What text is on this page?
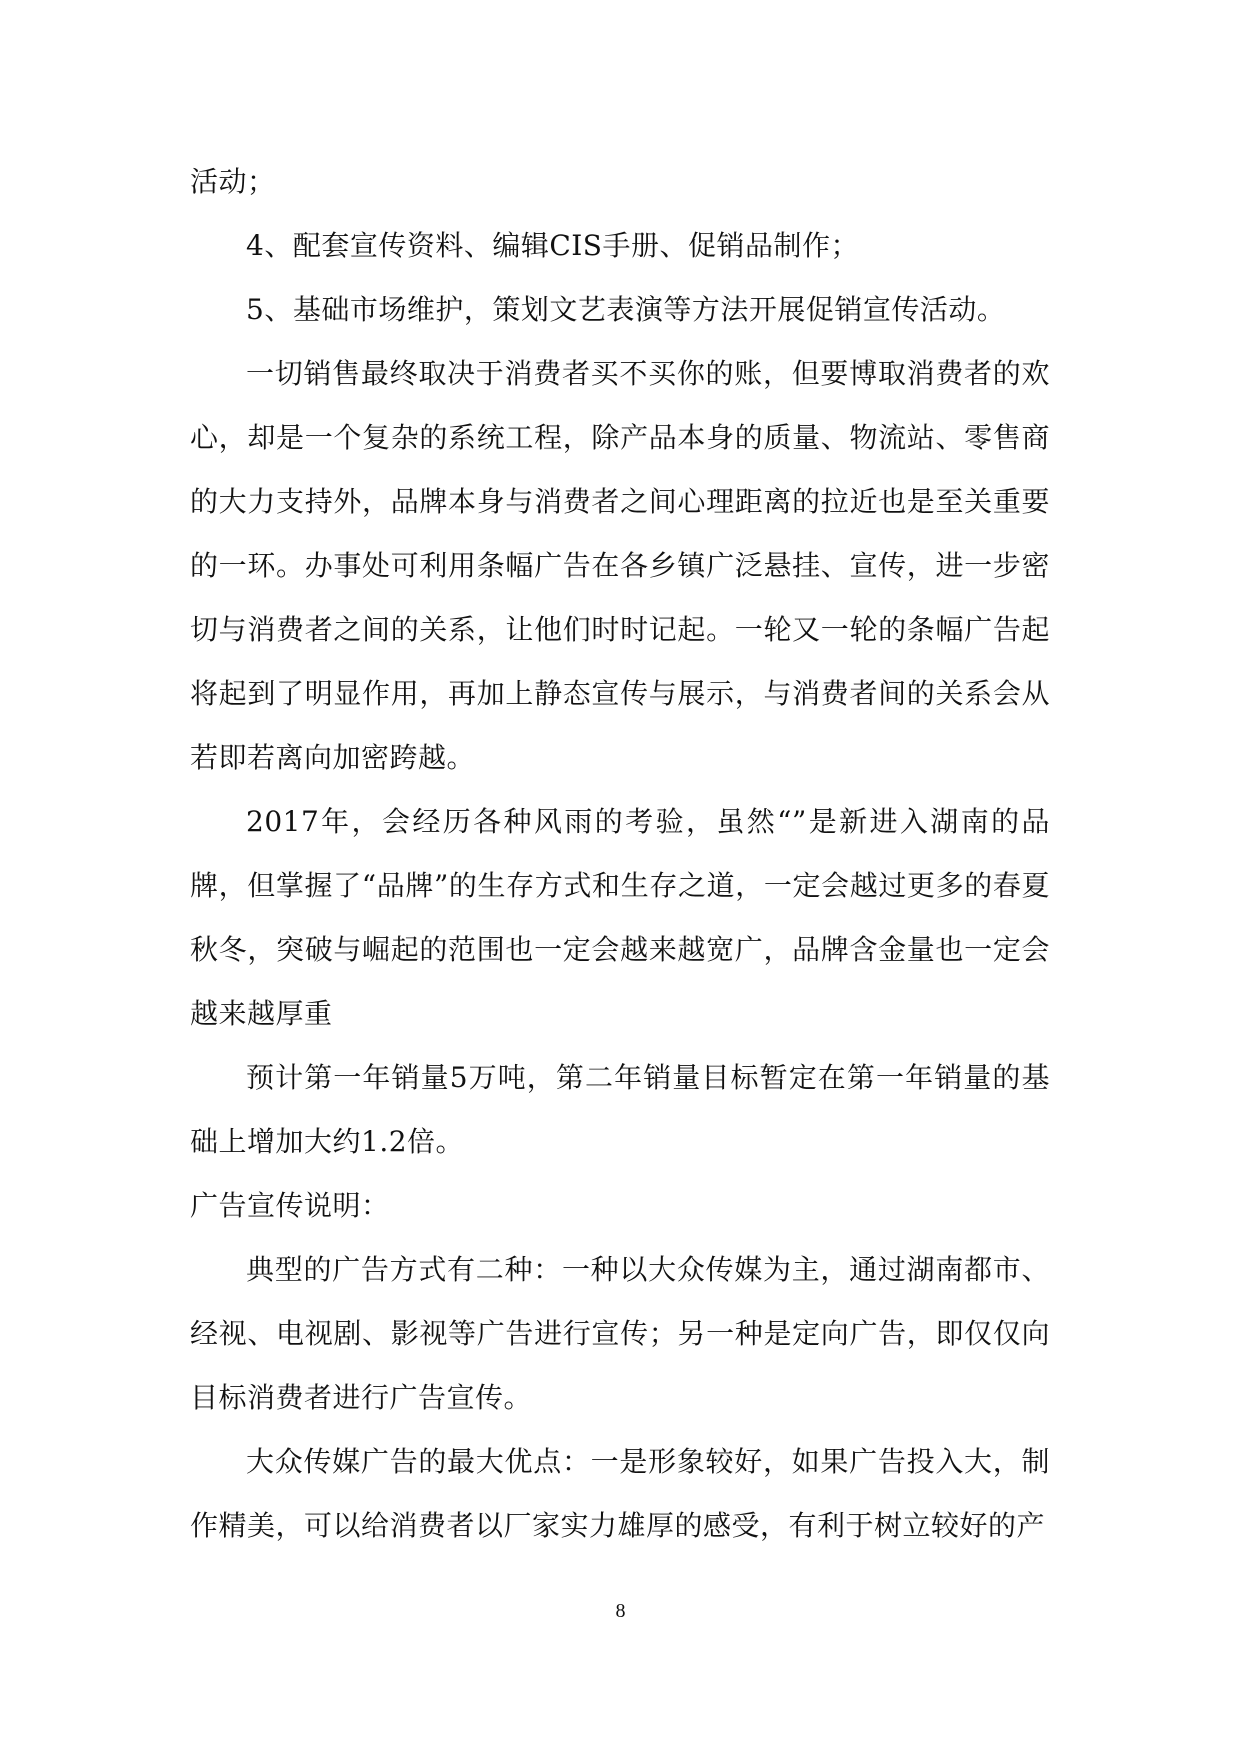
活动；

4、配套宣传资料、编辑CIS手册、促销品制作；

5、基础市场维护，策划文艺表演等方法开展促销宣传活动。

一切销售最终取决于消费者买不买你的账，但要博取消费者的欢心，却是一个复杂的系统工程，除产品本身的质量、物流站、零售商的大力支持外，品牌本身与消费者之间心理距离的拉近也是至关重要的一环。办事处可利用条幅广告在各乡镇广泛悬挂、宣传，进一步密切与消费者之间的关系，让他们时时记起。一轮又一轮的条幅广告起将起到了明显作用，再加上静态宣传与展示，与消费者间的关系会从若即若离向加密跨越。

2017年，会经历各种风雨的考验，虽然“”是新进入湖南的品牌，但掌握了“品牌”的生存方式和生存之道，一定会越过更多的春夏秋冬，突破与崛起的范围也一定会越来越宽广，品牌含金量也一定会越来越厚重

预计第一年销量5万吨，第二年销量目标暂定在第一年销量的基础上增加大约1.2倍。

广告宣传说明：

典型的广告方式有二种：一种以大众传媒为主，通过湖南都市、经视、电视剧、影视等广告进行宣传；另一种是定向广告，即仅仅向目标消费者进行广告宣传。

大众传媒广告的最大优点：一是形象较好，如果广告投入大，制作精美，可以给消费者以厂家实力雄厚的感受，有利于树立较好的产

8
